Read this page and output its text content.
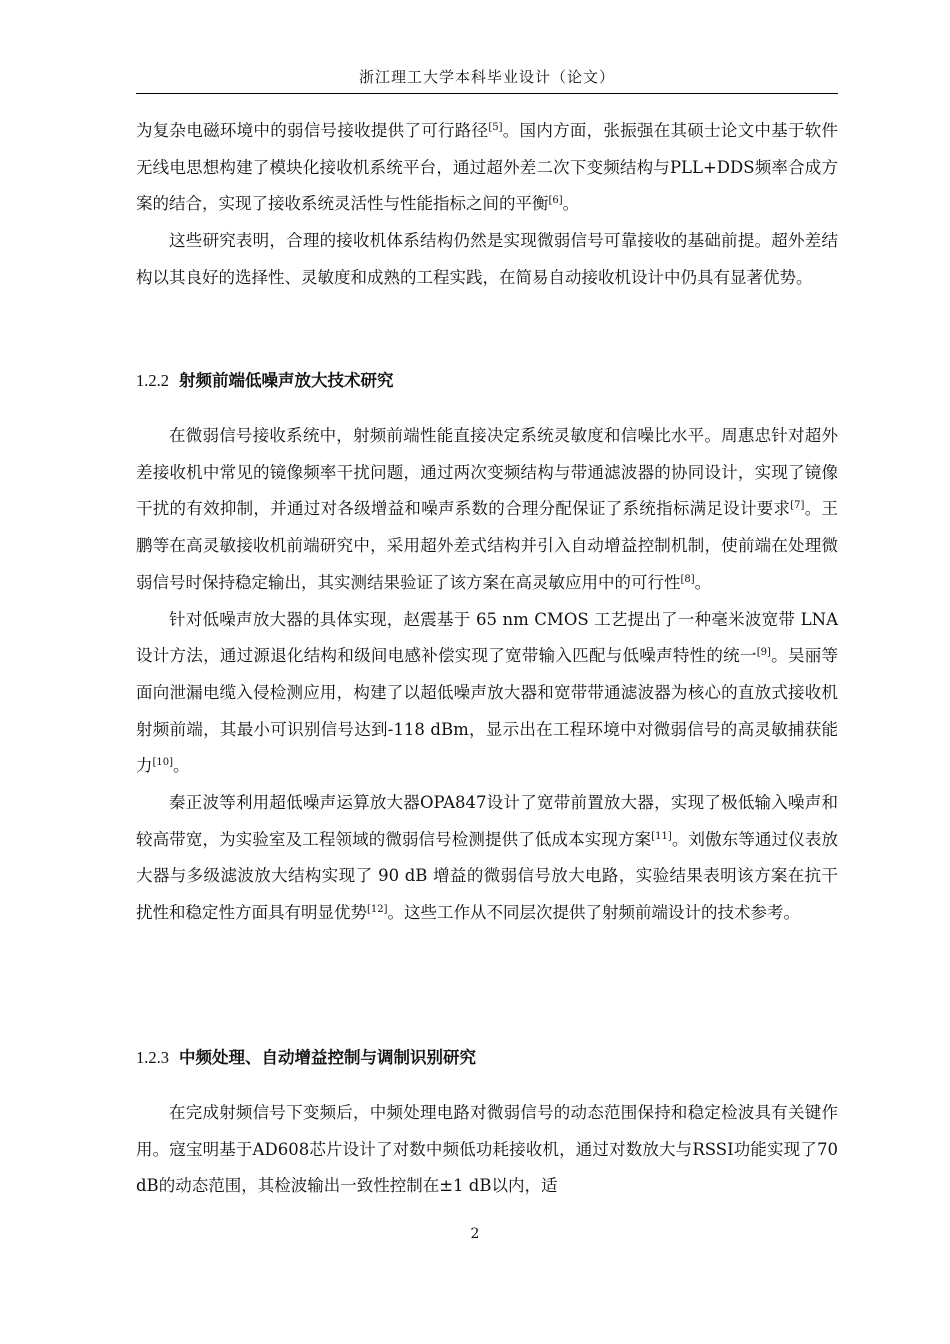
浙江理工大学本科毕业设计（论文）

为复杂电磁环境中的弱信号接收提供了可行路径[5]。国内方面，张振强在其硕士论文中基于软件无线电思想构建了模块化接收机系统平台，通过超外差二次下变频结构与PLL+DDS频率合成方案的结合，实现了接收系统灵活性与性能指标之间的平衡[6]。

这些研究表明，合理的接收机体系结构仍然是实现微弱信号可靠接收的基础前提。超外差结构以其良好的选择性、灵敏度和成熟的工程实践，在简易自动接收机设计中仍具有显著优势。

1.2.2 射频前端低噪声放大技术研究

在微弱信号接收系统中，射频前端性能直接决定系统灵敏度和信噪比水平。周惠忠针对超外差接收机中常见的镜像频率干扰问题，通过两次变频结构与带通滤波器的协同设计，实现了镜像干扰的有效抑制，并通过对各级增益和噪声系数的合理分配保证了系统指标满足设计要求[7]。王鹏等在高灵敏接收机前端研究中，采用超外差式结构并引入自动增益控制机制，使前端在处理微弱信号时保持稳定输出，其实测结果验证了该方案在高灵敏应用中的可行性[8]。

针对低噪声放大器的具体实现，赵震基于 65 nm CMOS 工艺提出了一种毫米波宽带 LNA 设计方法，通过源退化结构和级间电感补偿实现了宽带输入匹配与低噪声特性的统一[9]。吴丽等面向泄漏电缆入侵检测应用，构建了以超低噪声放大器和宽带带通滤波器为核心的直放式接收机射频前端，其最小可识别信号达到-118 dBm，显示出在工程环境中对微弱信号的高灵敏捕获能力[10]。

秦正波等利用超低噪声运算放大器OPA847设计了宽带前置放大器，实现了极低输入噪声和较高带宽，为实验室及工程领域的微弱信号检测提供了低成本实现方案[11]。刘傲东等通过仪表放大器与多级滤波放大结构实现了 90 dB 增益的微弱信号放大电路，实验结果表明该方案在抗干扰性和稳定性方面具有明显优势[12]。这些工作从不同层次提供了射频前端设计的技术参考。

1.2.3 中频处理、自动增益控制与调制识别研究

在完成射频信号下变频后，中频处理电路对微弱信号的动态范围保持和稳定检波具有关键作用。寇宝明基于AD608芯片设计了对数中频低功耗接收机，通过对数放大与RSSI功能实现了70 dB的动态范围，其检波输出一致性控制在±1 dB以内，适

2
